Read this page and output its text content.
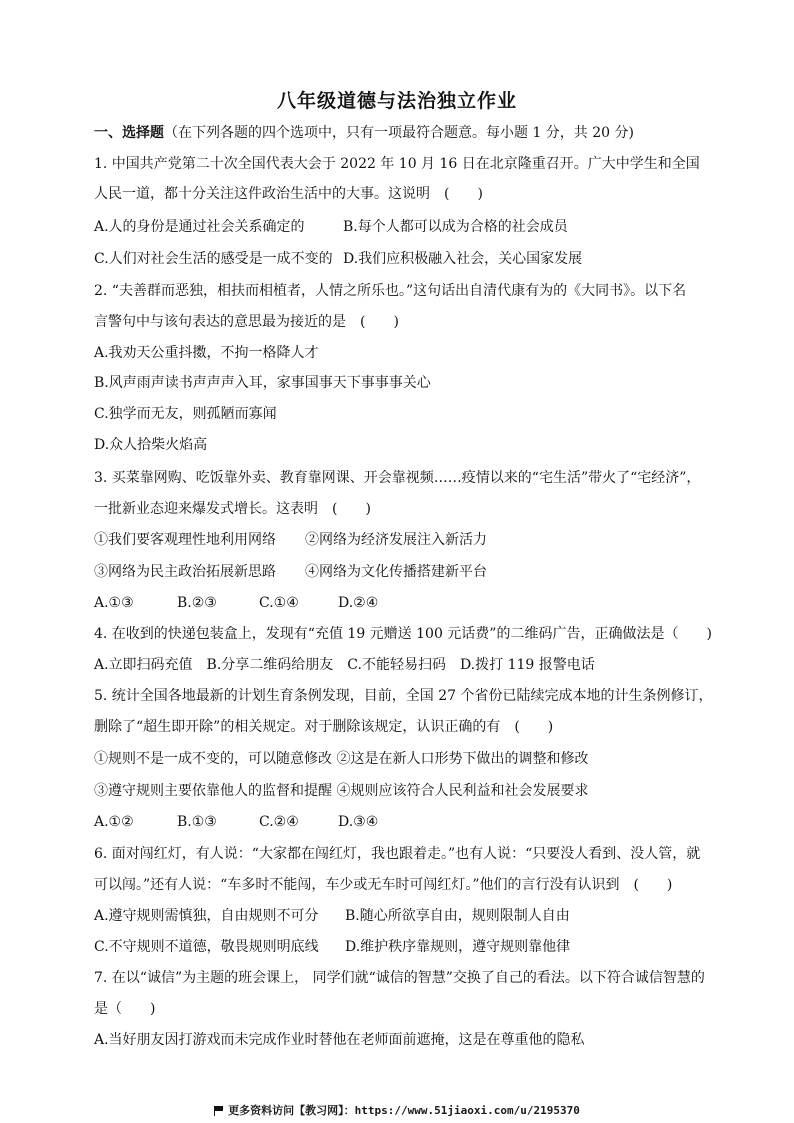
八年级道德与法治独立作业
一、选择题（在下列各题的四个选项中，只有一项最符合题意。每小题 1 分，共 20 分)
1. 中国共产党第二十次全国代表大会于 2022 年 10 月 16 日在北京隆重召开。广大中学生和全国
人民一道，都十分关注这件政治生活中的大事。这说明　(　　)
A.人的身份是通过社会关系确定的	B.每个人都可以成为合格的社会成员
C.人们对社会生活的感受是一成不变的 D.我们应积极融入社会，关心国家发展
2. “夫善群而恶独，相扶而相植者，人情之所乐也。”这句话出自清代康有为的《大同书》。以下名
言警句中与该句表达的意思最为接近的是　(　　)
A.我劝天公重抖擞，不拘一格降人才
B.风声雨声读书声声声入耳，家事国事天下事事事关心
C.独学而无友，则孤陋而寡闻
D.众人拾柴火焰高
3. 买菜靠网购、吃饭靠外卖、教育靠网课、开会靠视频……疫情以来的“宅生活”带火了“宅经济”，
一批新业态迎来爆发式增长。这表明　(　　)
①我们要客观理性地利用网络 ②网络为经济发展注入新活力
③网络为民主政治拓展新思路 ④网络为文化传播搭建新平台
A.①③	B.②③	C.①④	D.②④
4. 在收到的快递包装盒上，发现有“充值 19 元赠送 100 元话费”的二维码广告，正确做法是（　　)
A.立即扫码充值　B.分享二维码给朋友　C.不能轻易扫码　D.拨打 119 报警电话
5. 统计全国各地最新的计划生育条例发现，目前，全国 27 个省份已陆续完成本地的计生条例修订，
删除了“超生即开除”的相关规定。对于删除该规定，认识正确的有　(　　)
①规则不是一成不变的，可以随意修改 ②这是在新人口形势下做出的调整和修改
③遵守规则主要依靠他人的监督和提醒 ④规则应该符合人民利益和社会发展要求
A.①②	B.①③	C.②④	D.③④
6. 面对闯红灯，有人说：“大家都在闯红灯，我也跟着走。”也有人说：“只要没人看到、没人管，就
可以闯。”还有人说：“车多时不能闯，车少或无车时可闯红灯。”他们的言行没有认识到　(　　)
A.遵守规则需慎独，自由规则不可分 B.随心所欲享自由，规则限制人自由
C.不守规则不道德，敬畏规则明底线 D.维护秩序靠规则，遵守规则靠他律
7. 在以“诚信”为主题的班会课上， 同学们就“诚信的智慧”交换了自己的看法。以下符合诚信智慧的
是（　　)
A.当好朋友因打游戏而未完成作业时替他在老师面前遮掩，这是在尊重他的隐私
更多资料访问【教习网】：https://www.51jiaoxi.com/u/2195370
